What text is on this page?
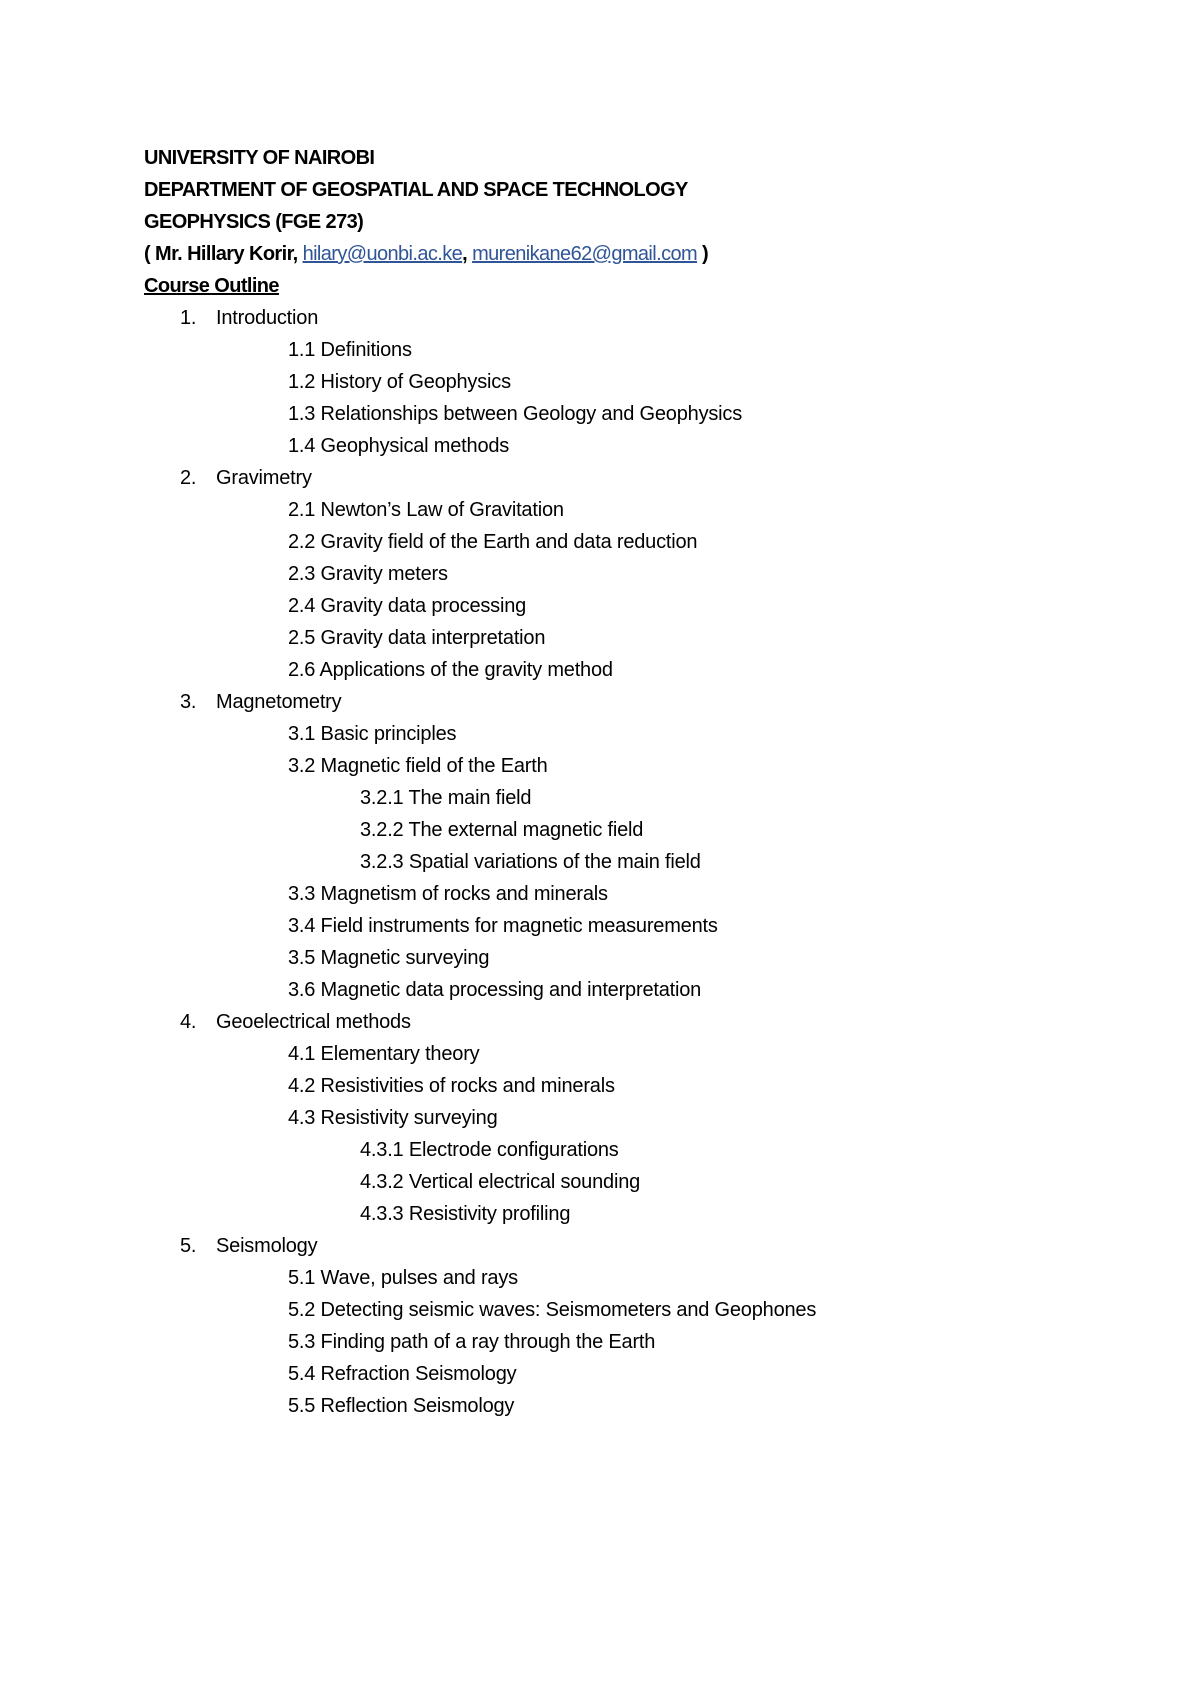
UNIVERSITY OF NAIROBI
DEPARTMENT OF GEOSPATIAL AND SPACE TECHNOLOGY
GEOPHYSICS (FGE 273)
( Mr. Hillary Korir, hilary@uonbi.ac.ke, murenikane62@gmail.com )
Course Outline
1. Introduction
1.1 Definitions
1.2 History of Geophysics
1.3 Relationships between Geology and Geophysics
1.4 Geophysical methods
2. Gravimetry
2.1 Newton’s Law of Gravitation
2.2 Gravity field of the Earth and data reduction
2.3 Gravity meters
2.4 Gravity data processing
2.5 Gravity data interpretation
2.6 Applications of the gravity method
3. Magnetometry
3.1 Basic principles
3.2 Magnetic field of the Earth
3.2.1 The main field
3.2.2 The external magnetic field
3.2.3 Spatial variations of the main field
3.3 Magnetism of rocks and minerals
3.4 Field instruments for magnetic measurements
3.5 Magnetic surveying
3.6 Magnetic data processing and interpretation
4. Geoelectrical methods
4.1 Elementary theory
4.2 Resistivities of rocks and minerals
4.3 Resistivity surveying
4.3.1 Electrode configurations
4.3.2 Vertical electrical sounding
4.3.3 Resistivity profiling
5. Seismology
5.1 Wave, pulses and rays
5.2 Detecting seismic waves: Seismometers and Geophones
5.3 Finding path of a ray through the Earth
5.4 Refraction Seismology
5.5 Reflection Seismology
